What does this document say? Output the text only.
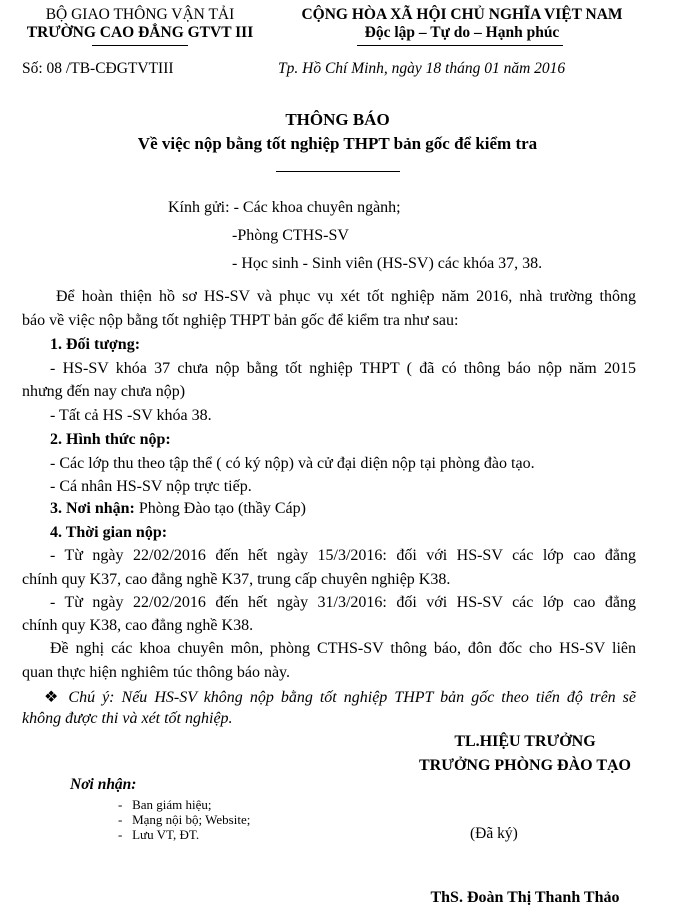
BỘ GIAO THÔNG VẬN TẢI
TRƯỜNG CAO ĐẲNG GTVT III
Số: 08 /TB-CĐGTVTIII
CỘNG HÒA XÃ HỘI CHỦ NGHĨA VIỆT NAM
Độc lập – Tự do – Hạnh phúc
Tp. Hồ Chí Minh, ngày 18 tháng 01 năm 2016
THÔNG BÁO
Về việc nộp bằng tốt nghiệp THPT bản gốc để kiểm tra
Kính gửi: - Các khoa chuyên ngành;
-Phòng CTHS-SV
- Học sinh - Sinh viên (HS-SV) các khóa 37, 38.
Để hoàn thiện hồ sơ HS-SV và phục vụ xét tốt nghiệp năm 2016, nhà trường thông
báo về việc nộp bằng tốt nghiệp THPT bản gốc để kiểm tra như sau:
1. Đối tượng:
- HS-SV khóa 37 chưa nộp bằng tốt nghiệp THPT ( đã có thông báo nộp năm 2015
nhưng đến nay chưa nộp)
- Tất cả HS -SV khóa 38.
2. Hình thức nộp:
- Các lớp thu theo tập thể ( có ký nộp) và cử đại diện nộp tại phòng đào tạo.
- Cá nhân HS-SV nộp trực tiếp.
3. Nơi nhận: Phòng Đào tạo (thầy Cáp)
4. Thời gian nộp:
- Từ ngày 22/02/2016 đến hết ngày 15/3/2016: đối với HS-SV các lớp cao đẳng
chính quy K37, cao đẳng nghề K37, trung cấp chuyên nghiệp K38.
- Từ ngày 22/02/2016 đến hết ngày 31/3/2016: đối với HS-SV các lớp cao đẳng
chính quy K38, cao đẳng nghề K38.
Đề nghị các khoa chuyên môn, phòng CTHS-SV thông báo, đôn đốc cho HS-SV liên
quan thực hiện nghiêm túc thông báo này.
❖ Chú ý: Nếu HS-SV không nộp bằng tốt nghiệp THPT bản gốc theo tiến độ trên sẽ
không được thi và xét tốt nghiệp.
TL.HIỆU TRƯỞNG
TRƯỞNG PHÒNG ĐÀO TẠO
Nơi nhận:
-   Ban giám hiệu;
-   Mạng nội bộ; Website;
-   Lưu VT, ĐT.	(Đã ký)
ThS. Đoàn Thị Thanh Thảo
